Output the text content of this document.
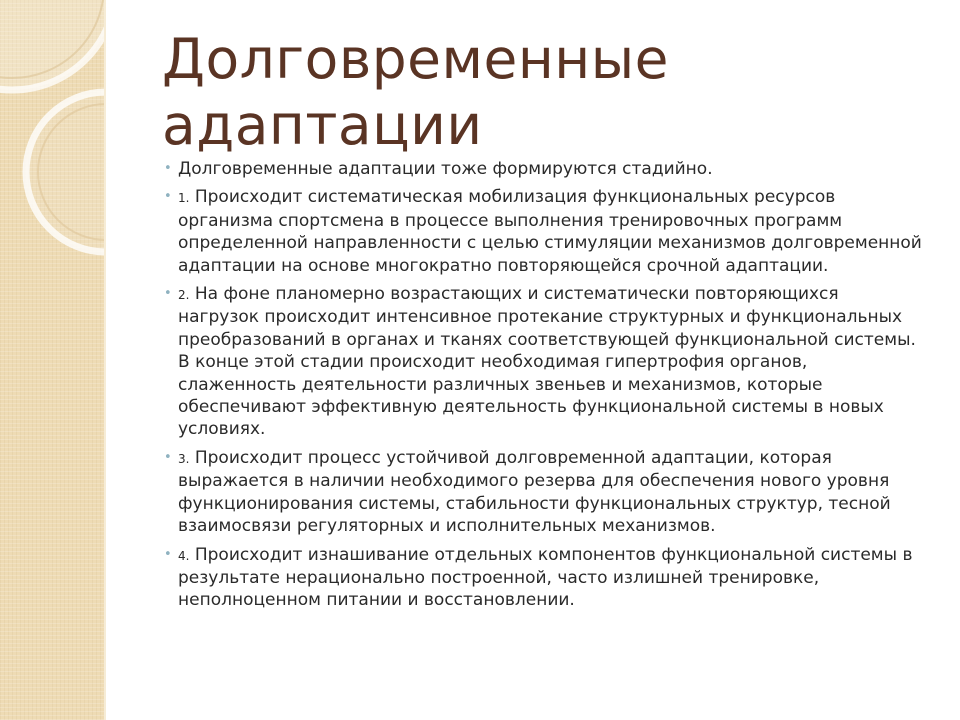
Долговременные адаптации
• Долговременные адаптации тоже формируются стадийно.
• 1. Происходит систематическая мобилизация функциональных ресурсов организма спортсмена в процессе выполнения тренировочных программ определенной направленности с целью стимуляции механизмов долговременной адаптации на основе многократно повторяющейся срочной адаптации.
• 2. На фоне планомерно возрастающих и систематически повторяющихся нагрузок происходит интенсивное протекание структурных и функциональных преобразований в органах и тканях соответствующей функциональной системы. В конце этой стадии происходит необходимая гипертрофия органов, слаженность деятельности различных звеньев и механизмов, которые обеспечивают эффективную деятельность функциональной системы в новых условиях.
• 3. Происходит процесс устойчивой долговременной адаптации, которая выражается в наличии необходимого резерва для обеспечения нового уровня функционирования системы, стабильности функциональных структур, тесной взаимосвязи регуляторных и исполнительных механизмов.
• 4. Происходит изнашивание отдельных компонентов функциональной системы в результате нерационально построенной, часто излишней тренировке, неполноценном питании и восстановлении.
